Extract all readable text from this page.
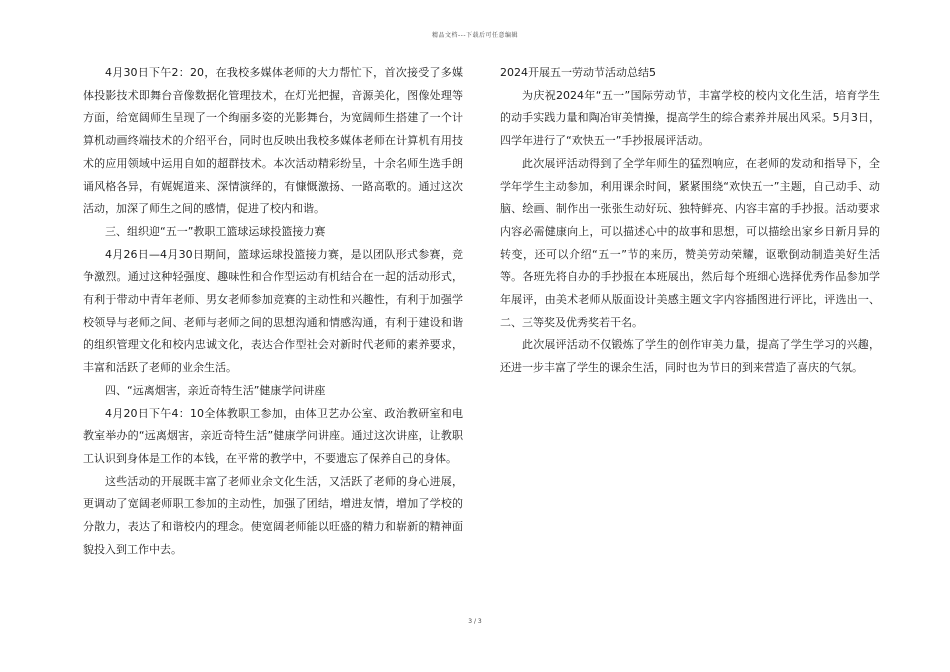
精品文档---下载后可任意编辑

4月30日下午2：20，在我校多媒体老师的大力帮忙下，首次接受了多媒体投影技术即舞台音像数据化管理技术，在灯光把握，音源美化，图像处理等方面，给宽阔师生呈现了一个绚丽多姿的光影舞台，为宽阔师生搭建了一个计算机动画终端技术的介绍平台，同时也反映出我校多媒体老师在计算机有用技术的应用领域中运用自如的超群技术。本次活动精彩纷呈，十余名师生选手朗诵风格各异，有娓娓道来、深情演绎的，有慷慨激扬、一路高歌的。通过这次活动，加深了师生之间的感情，促进了校内和谐。

三、组织迎“五一”教职工篮球运球投篮接力赛

4月26日—4月30日期间，篮球运球投篮接力赛，是以团队形式参赛，竞争激烈。通过这种轻强度、趣味性和合作型运动有机结合在一起的活动形式，有利于带动中青年老师、男女老师参加竞赛的主动性和兴趣性，有利于加强学校领导与老师之间、老师与老师之间的思想沟通和情感沟通，有利于建设和谐的组织管理文化和校内忠诚文化，表达合作型社会对新时代老师的素养要求，丰富和活跃了老师的业余生活。

四、“远离烟害，亲近奇特生活”健康学问讲座

4月20日下午4：10全体教职工参加，由体卫艺办公室、政治教研室和电教室举办的“远离烟害，亲近奇特生活”健康学问讲座。通过这次讲座，让教职工认识到身体是工作的本钱，在平常的教学中，不要遗忘了保养自己的身体。

这些活动的开展既丰富了老师业余文化生活，又活跃了老师的身心进展，更调动了宽阔老师职工参加的主动性，加强了团结，增进友情，增加了学校的分散力，表达了和谐校内的理念。使宽阔老师能以旺盛的精力和崭新的精神面貌投入到工作中去。

2024开展五一劳动节活动总结5

为庆祝2024年“五一”国际劳动节，丰富学校的校内文化生活，培育学生的动手实践力量和陶冶审美情操，提高学生的综合素养并展出风采。5月3日，四学年进行了“欢快五一”手抄报展评活动。

此次展评活动得到了全学年师生的猛烈响应，在老师的发动和指导下，全学年学生主动参加，利用课余时间，紧紧围绕“欢快五一”主题，自己动手、动脑、绘画、制作出一张张生动好玩、独特鲜亮、内容丰富的手抄报。活动要求内容必需健康向上，可以描述心中的故事和思想，可以描绘出家乡日新月异的转变，还可以介绍“五一”节的来历，赞美劳动荣耀，讴歌倒动制造美好生活等。各班先将自办的手抄报在本班展出，然后每个班细心选择优秀作品参加学年展评，由美术老师从版面设计美感主题文字内容插图进行评比，评选出一、二、三等奖及优秀奖若干名。

此次展评活动不仅锻炼了学生的创作审美力量，提高了学生学习的兴趣，还进一步丰富了学生的课余生活，同时也为节日的到来营造了喜庆的气氛。

3 / 3
